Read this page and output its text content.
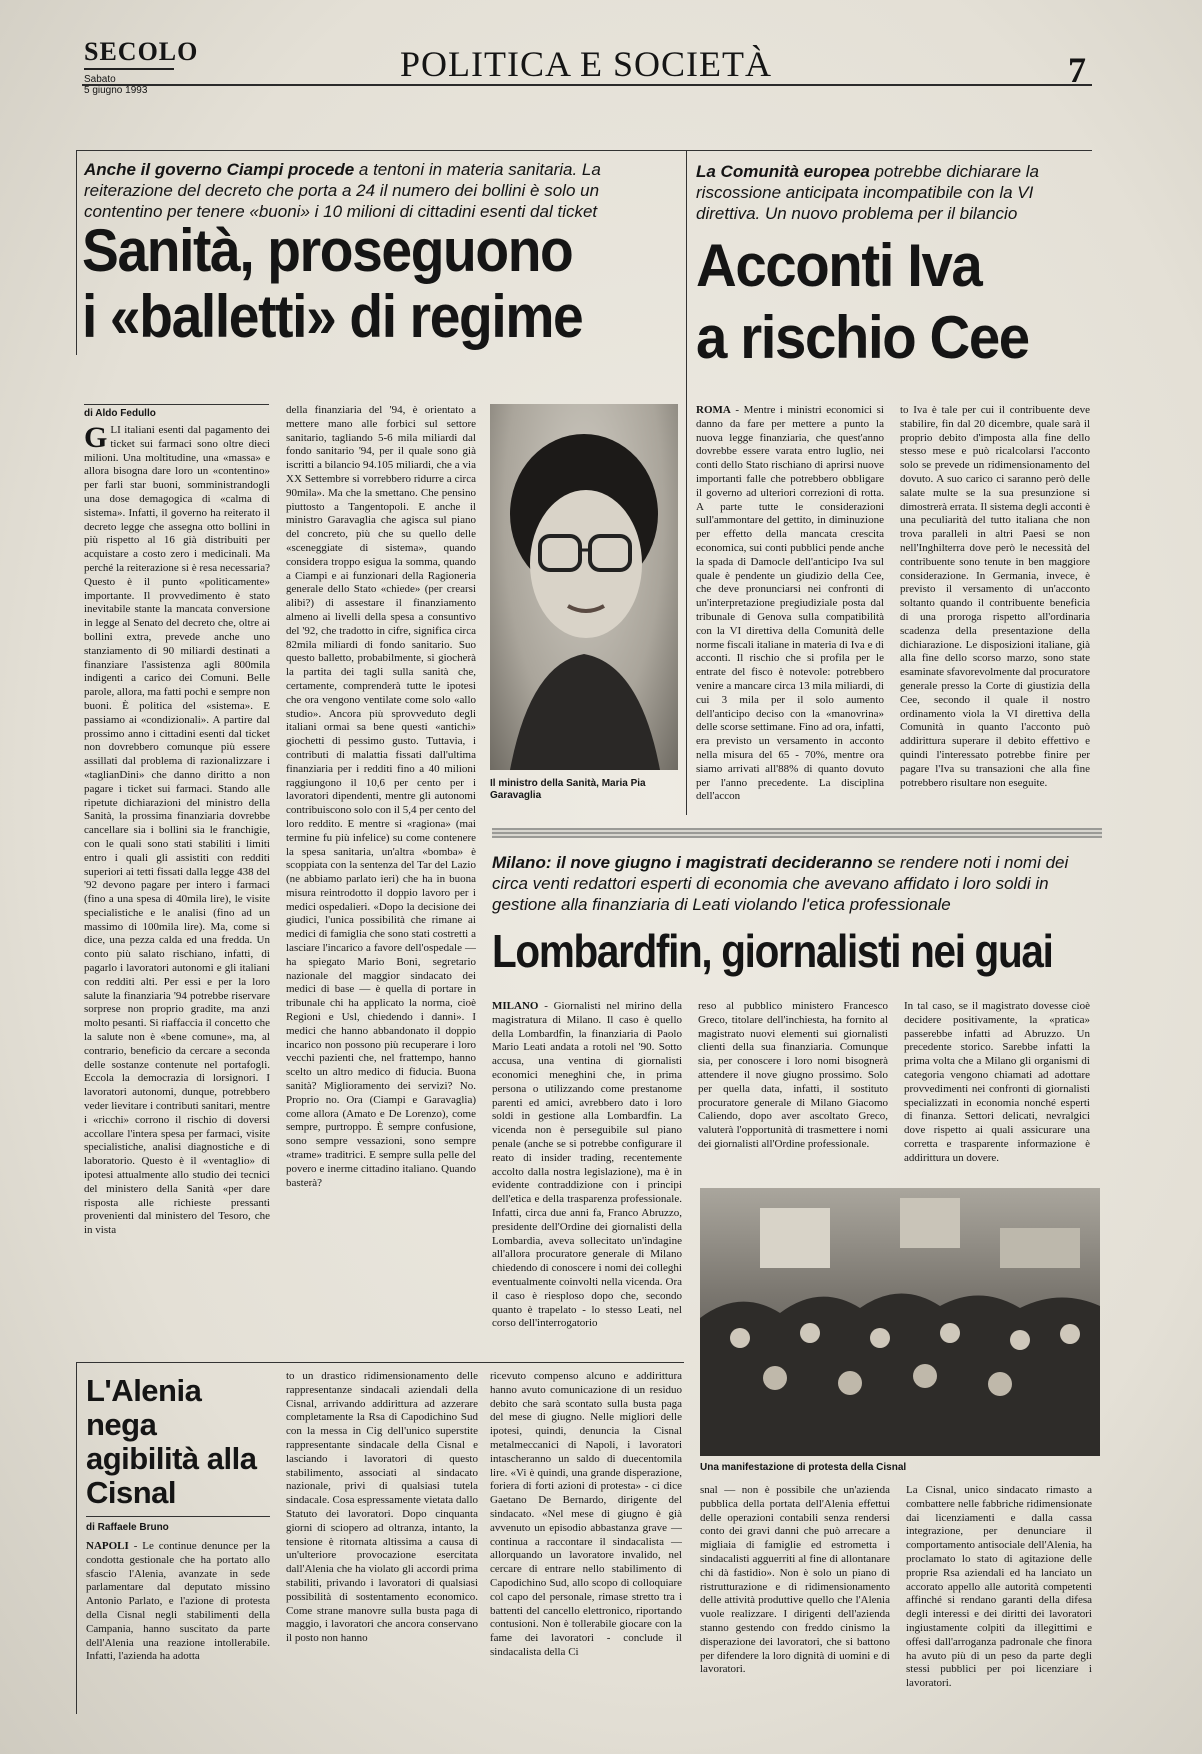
SECOLO
Sabato
5 giugno 1993
POLITICA E SOCIETÀ	7
Anche il governo Ciampi procede a tentoni in materia sanitaria. La reiterazione del decreto che porta a 24 il numero dei bollini è solo un contentino per tenere «buoni» i 10 milioni di cittadini esenti dal ticket
Sanità, proseguono
i «balletti» di regime
di Aldo Fedullo
GLI italiani esenti dal pagamento dei ticket sui farmaci sono oltre dieci milioni. Una moltitudine, una «massa» e allora bisogna dare loro un «contentino» per farli star buoni, somministrandogli una dose demagogica di «calma di sistema». Infatti, il governo ha reiterato il decreto legge che assegna otto bollini in più rispetto al 16 già distribuiti per acquistare a costo zero i medicinali. Ma perché la reiterazione si è resa necessaria? Questo è il punto «politicamente» importante. Il provvedimento è stato inevitabile stante la mancata conversione in legge al Senato del decreto che, oltre ai bollini extra, prevede anche uno stanziamento di 90 miliardi destinati a finanziare l'assistenza agli 800mila indigenti a carico dei Comuni. Belle parole, allora, ma fatti pochi e sempre non buoni. È politica del «sistema». E passiamo ai «condizionali». A partire dal prossimo anno i cittadini esenti dal ticket non dovrebbero comunque più essere assillati dal problema di razionalizzare i «taglianDini» che danno diritto a non pagare i ticket sui farmaci. Stando alle ripetute dichiarazioni del ministro della Sanità, la prossima finanziaria dovrebbe cancellare sia i bollini sia le franchigie, con le quali sono stati stabiliti i limiti entro i quali gli assistiti con redditi superiori ai tetti fissati dalla legge 438 del '92 devono pagare per intero i farmaci (fino a una spesa di 40mila lire), le visite specialistiche e le analisi (fino ad un massimo di 100mila lire). Ma, come si dice, una pezza calda ed una fredda. Un conto più salato rischiano, infatti, di pagarlo i lavoratori autonomi e gli italiani con redditi alti. Per essi e per la loro salute la finanziaria '94 potrebbe riservare sorprese non proprio gradite, ma anzi molto pesanti. Si riaffaccia il concetto che la salute non è «bene comune», ma, al contrario, beneficio da cercare a seconda delle sostanze contenute nel portafogli. Eccola la democrazia di lorsignori. I lavoratori autonomi, dunque, potrebbero veder lievitare i contributi sanitari, mentre i «ricchi» corrono il rischio di doversi accollare l'intera spesa per farmaci, visite specialistiche, analisi diagnostiche e di laboratorio. Questo è il «ventaglio» di ipotesi attualmente allo studio dei tecnici del ministero della Sanità «per dare risposta alle richieste pressanti provenienti dal ministero del Tesoro, che in vista
della finanziaria del '94, è orientato a mettere mano alle forbici sul settore sanitario, tagliando 5-6 mila miliardi dal fondo sanitario '94, per il quale sono già iscritti a bilancio 94.105 miliardi, che a via XX Settembre si vorrebbero ridurre a circa 90mila». Ma che la smettano. Che pensino piuttosto a Tangentopoli. E anche il ministro Garavaglia che agisca sul piano del concreto, più che su quello delle «sceneggiate di sistema», quando considera troppo esigua la somma, quando a Ciampi e ai funzionari della Ragioneria generale dello Stato «chiede» (per crearsi alibi?) di assestare il finanziamento almeno ai livelli della spesa a consuntivo del '92, che tradotto in cifre, significa circa 82mila miliardi di fondo sanitario. Suo questo balletto, probabilmente, si giocherà la partita dei tagli sulla sanità che, certamente, comprenderà tutte le ipotesi che ora vengono ventilate come solo «allo studio». Ancora più sprovveduto degli italiani ormai sa bene questi «antichi» giochetti di pessimo gusto. Tuttavia, i contributi di malattia fissati dall'ultima finanziaria per i redditi fino a 40 milioni raggiungono il 10,6 per cento per i lavoratori dipendenti, mentre gli autonomi contribuiscono solo con il 5,4 per cento del loro reddito. E mentre si «ragiona» (mai termine fu più infelice) su come contenere la spesa sanitaria, un'altra «bomba» è scoppiata con la sentenza del Tar del Lazio (ne abbiamo parlato ieri) che ha in buona misura reintrodotto il doppio lavoro per i medici ospedalieri. «Dopo la decisione dei giudici, l'unica possibilità che rimane ai medici di famiglia che sono stati costretti a lasciare l'incarico a favore dell'ospedale — ha spiegato Mario Boni, segretario nazionale del maggior sindacato dei medici di base — è quella di portare in tribunale chi ha applicato la norma, cioè Regioni e Usl, chiedendo i danni». I medici che hanno abbandonato il doppio incarico non possono più recuperare i loro vecchi pazienti che, nel frattempo, hanno scelto un altro medico di fiducia. Buona sanità? Miglioramento dei servizi? No. Proprio no. Ora (Ciampi e Garavaglia) come allora (Amato e De Lorenzo), come sempre, purtroppo. È sempre confusione, sono sempre vessazioni, sono sempre «trame» traditrici. E sempre sulla pelle del povero e inerme cittadino italiano. Quando basterà?
Il ministro della Sanità, Maria Pia Garavaglia
La Comunità europea potrebbe dichiarare la riscossione anticipata incompatibile con la VI direttiva. Un nuovo problema per il bilancio
Acconti Iva
a rischio Cee
ROMA - Mentre i ministri economici si danno da fare per mettere a punto la nuova legge finanziaria, che quest'anno dovrebbe essere varata entro luglio, nei conti dello Stato rischiano di aprirsi nuove importanti falle che potrebbero obbligare il governo ad ulteriori correzioni di rotta. A parte tutte le considerazioni sull'ammontare del gettito, in diminuzione per effetto della mancata crescita economica, sui conti pubblici pende anche la spada di Damocle dell'anticipo Iva sul quale è pendente un giudizio della Cee, che deve pronunciarsi nei confronti di un'interpretazione pregiudiziale posta dal tribunale di Genova sulla compatibilità con la VI direttiva della Comunità delle norme fiscali italiane in materia di Iva e di acconti. Il rischio che si profila per le entrate del fisco è notevole: potrebbero venire a mancare circa 13 mila miliardi, di cui 3 mila per il solo aumento dell'anticipo deciso con la «manovrina» delle scorse settimane. Fino ad ora, infatti, era previsto un versamento in acconto nella misura del 65 - 70%, mentre ora siamo arrivati all'88% di quanto dovuto per l'anno precedente. La disciplina dell'accon
to Iva è tale per cui il contribuente deve stabilire, fin dal 20 dicembre, quale sarà il proprio debito d'imposta alla fine dello stesso mese e può ricalcolarsi l'acconto solo se prevede un ridimensionamento del dovuto. A suo carico ci saranno però delle salate multe se la sua presunzione si dimostrerà errata. Il sistema degli acconti è una peculiarità del tutto italiana che non trova paralleli in altri Paesi se non nell'Inghilterra dove però le necessità del contribuente sono tenute in ben maggiore considerazione. In Germania, invece, è previsto il versamento di un'acconto soltanto quando il contribuente beneficia di una proroga rispetto all'ordinaria scadenza della presentazione della dichiarazione. Le disposizioni italiane, già alla fine dello scorso marzo, sono state esaminate sfavorevolmente dal procuratore generale presso la Corte di giustizia della Cee, secondo il quale il nostro ordinamento viola la VI direttiva della Comunità in quanto l'acconto può addirittura superare il debito effettivo e quindi l'interessato potrebbe finire per pagare l'Iva su transazioni che alla fine potrebbero risultare non eseguite.
Milano: il nove giugno i magistrati decideranno se rendere noti i nomi dei circa venti redattori esperti di economia che avevano affidato i loro soldi in gestione alla finanziaria di Leati violando l'etica professionale
Lombardfin, giornalisti nei guai
MILANO - Giornalisti nel mirino della magistratura di Milano. Il caso è quello della Lombardfin, la finanziaria di Paolo Mario Leati andata a rotoli nel '90. Sotto accusa, una ventina di giornalisti economici meneghini che, in prima persona o utilizzando come prestanome parenti ed amici, avrebbero dato i loro soldi in gestione alla Lombardfin. La vicenda non è perseguibile sul piano penale (anche se si potrebbe configurare il reato di insider trading, recentemente accolto dalla nostra legislazione), ma è in evidente contraddizione con i principi dell'etica e della trasparenza professionale. Infatti, circa due anni fa, Franco Abruzzo, presidente dell'Ordine dei giornalisti della Lombardia, aveva sollecitato un'indagine all'allora procuratore generale di Milano chiedendo di conoscere i nomi dei colleghi eventualmente coinvolti nella vicenda. Ora il caso è riesploso dopo che, secondo quanto è trapelato - lo stesso Leati, nel corso dell'interrogatorio
reso al pubblico ministero Francesco Greco, titolare dell'inchiesta, ha fornito al magistrato nuovi elementi sui giornalisti clienti della sua finanziaria. Comunque sia, per conoscere i loro nomi bisognerà attendere il nove giugno prossimo. Solo per quella data, infatti, il sostituto procuratore generale di Milano Giacomo Caliendo, dopo aver ascoltato Greco, valuterà l'opportunità di trasmettere i nomi dei giornalisti all'Ordine professionale.
In tal caso, se il magistrato dovesse cioè decidere positivamente, la «pratica» passerebbe infatti ad Abruzzo. Un precedente storico. Sarebbe infatti la prima volta che a Milano gli organismi di categoria vengono chiamati ad adottare provvedimenti nei confronti di giornalisti specializzati in economia nonché esperti di finanza. Settori delicati, nevralgici dove rispetto ai quali assicurare una corretta e trasparente informazione è addirittura un dovere.
Una manifestazione di protesta della Cisnal
L'Alenia nega agibilità alla Cisnal
di Raffaele Bruno
NAPOLI - Le continue denunce per la condotta gestionale che ha portato allo sfascio l'Alenia, avanzate in sede parlamentare dal deputato missino Antonio Parlato, e l'azione di protesta della Cisnal negli stabilimenti della Campania, hanno suscitato da parte dell'Alenia una reazione intollerabile. Infatti, l'azienda ha adotta
to un drastico ridimensionamento delle rappresentanze sindacali aziendali della Cisnal, arrivando addirittura ad azzerare completamente la Rsa di Capodichino Sud con la messa in Cig dell'unico superstite rappresentante sindacale della Cisnal e lasciando i lavoratori di questo stabilimento, associati al sindacato nazionale, privi di qualsiasi tutela sindacale. Cosa espressamente vietata dallo Statuto dei lavoratori. Dopo cinquanta giorni di sciopero ad oltranza, intanto, la tensione è ritornata altissima a causa di un'ulteriore provocazione esercitata dall'Alenia che ha violato gli accordi prima stabiliti, privando i lavoratori di qualsiasi possibilità di sostentamento economico. Come strane manovre sulla busta paga di maggio, i lavoratori che ancora conservano il posto non hanno
ricevuto compenso alcuno e addirittura hanno avuto comunicazione di un residuo debito che sarà scontato sulla busta paga del mese di giugno. Nelle migliori delle ipotesi, quindi, denuncia la Cisnal metalmeccanici di Napoli, i lavoratori intascheranno un saldo di duecentomila lire. «Vi è quindi, una grande disperazione, foriera di forti azioni di protesta» - ci dice Gaetano De Bernardo, dirigente del sindacato. «Nel mese di giugno è già avvenuto un episodio abbastanza grave — continua a raccontare il sindacalista — allorquando un lavoratore invalido, nel cercare di entrare nello stabilimento di Capodichino Sud, allo scopo di colloquiare col capo del personale, rimase stretto tra i battenti del cancello elettronico, riportando contusioni. Non è tollerabile giocare con la fame dei lavoratori - conclude il sindacalista della Ci
snal — non è possibile che un'azienda pubblica della portata dell'Alenia effettui delle operazioni contabili senza rendersi conto dei gravi danni che può arrecare a migliaia di famiglie ed estrometta i sindacalisti agguerriti al fine di allontanare chi dà fastidio». Non è solo un piano di ristrutturazione e di ridimensionamento delle attività produttive quello che l'Alenia vuole realizzare. I dirigenti dell'azienda stanno gestendo con freddo cinismo la disperazione dei lavoratori, che si battono per difendere la loro dignità di uomini e di lavoratori.
La Cisnal, unico sindacato rimasto a combattere nelle fabbriche ridimensionate dai licenziamenti e dalla cassa integrazione, per denunciare il comportamento antisociale dell'Alenia, ha proclamato lo stato di agitazione delle proprie Rsa aziendali ed ha lanciato un accorato appello alle autorità competenti affinché si rendano garanti della difesa degli interessi e dei diritti dei lavoratori ingiustamente colpiti da illegittimi e offesi dall'arroganza padronale che finora ha avuto più di un peso da parte degli stessi pubblici per poi licenziare i lavoratori.
